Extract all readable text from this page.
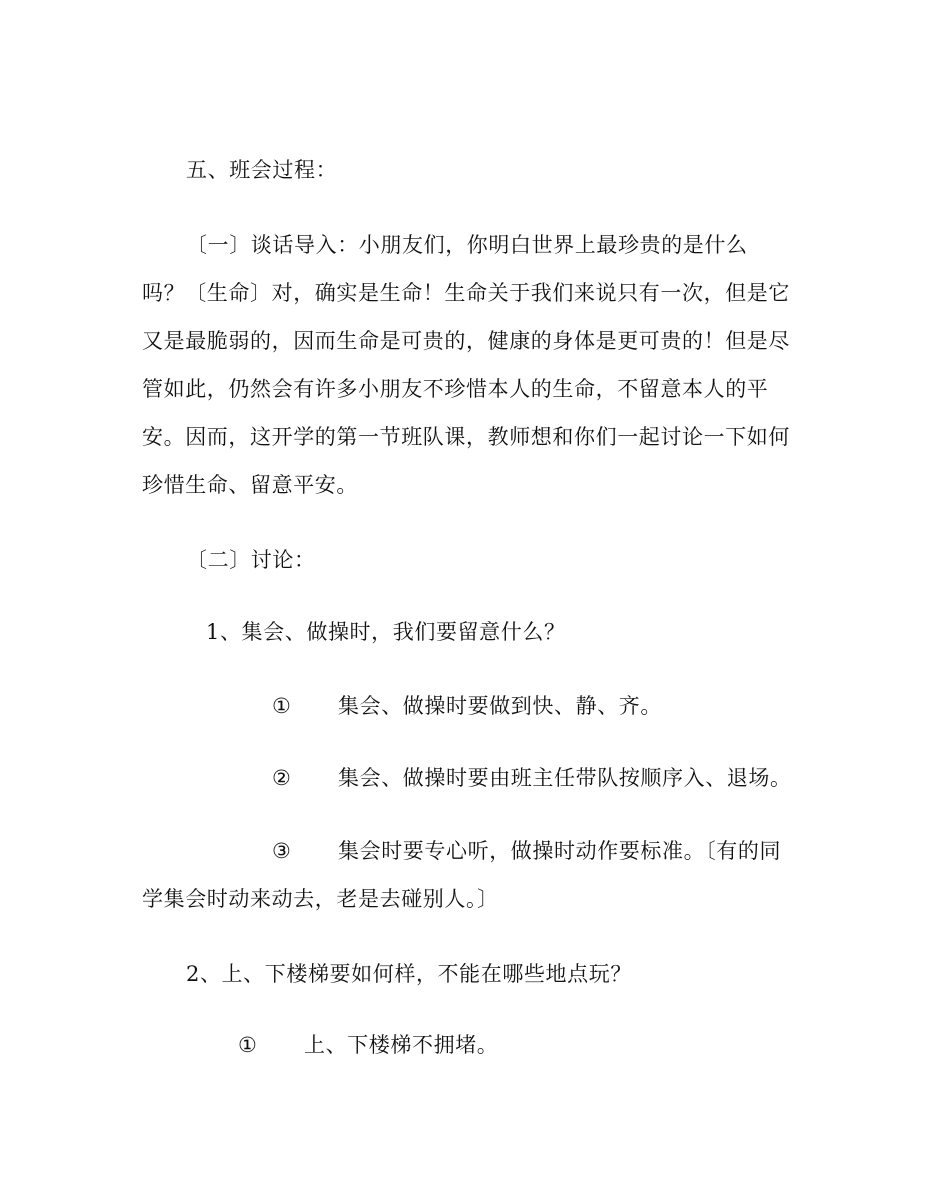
五、班会过程：
〔一〕谈话导入：小朋友们，你明白世界上最珍贵的是什么
吗？〔生命〕对，确实是生命！生命关于我们来说只有一次，但是它
又是最脆弱的，因而生命是可贵的，健康的身体是更可贵的！但是尽
管如此，仍然会有许多小朋友不珍惜本人的生命，不留意本人的平
安。因而，这开学的第一节班队课，教师想和你们一起讨论一下如何
珍惜生命、留意平安。
〔二〕讨论：
1、集会、做操时，我们要留意什么？
① 集会、做操时要做到快、静、齐。
② 集会、做操时要由班主任带队按顺序入、退场。
③ 集会时要专心听，做操时动作要标准。〔有的同
学集会时动来动去，老是去碰别人。〕
2、上、下楼梯要如何样，不能在哪些地点玩？
① 上、下楼梯不拥堵。
